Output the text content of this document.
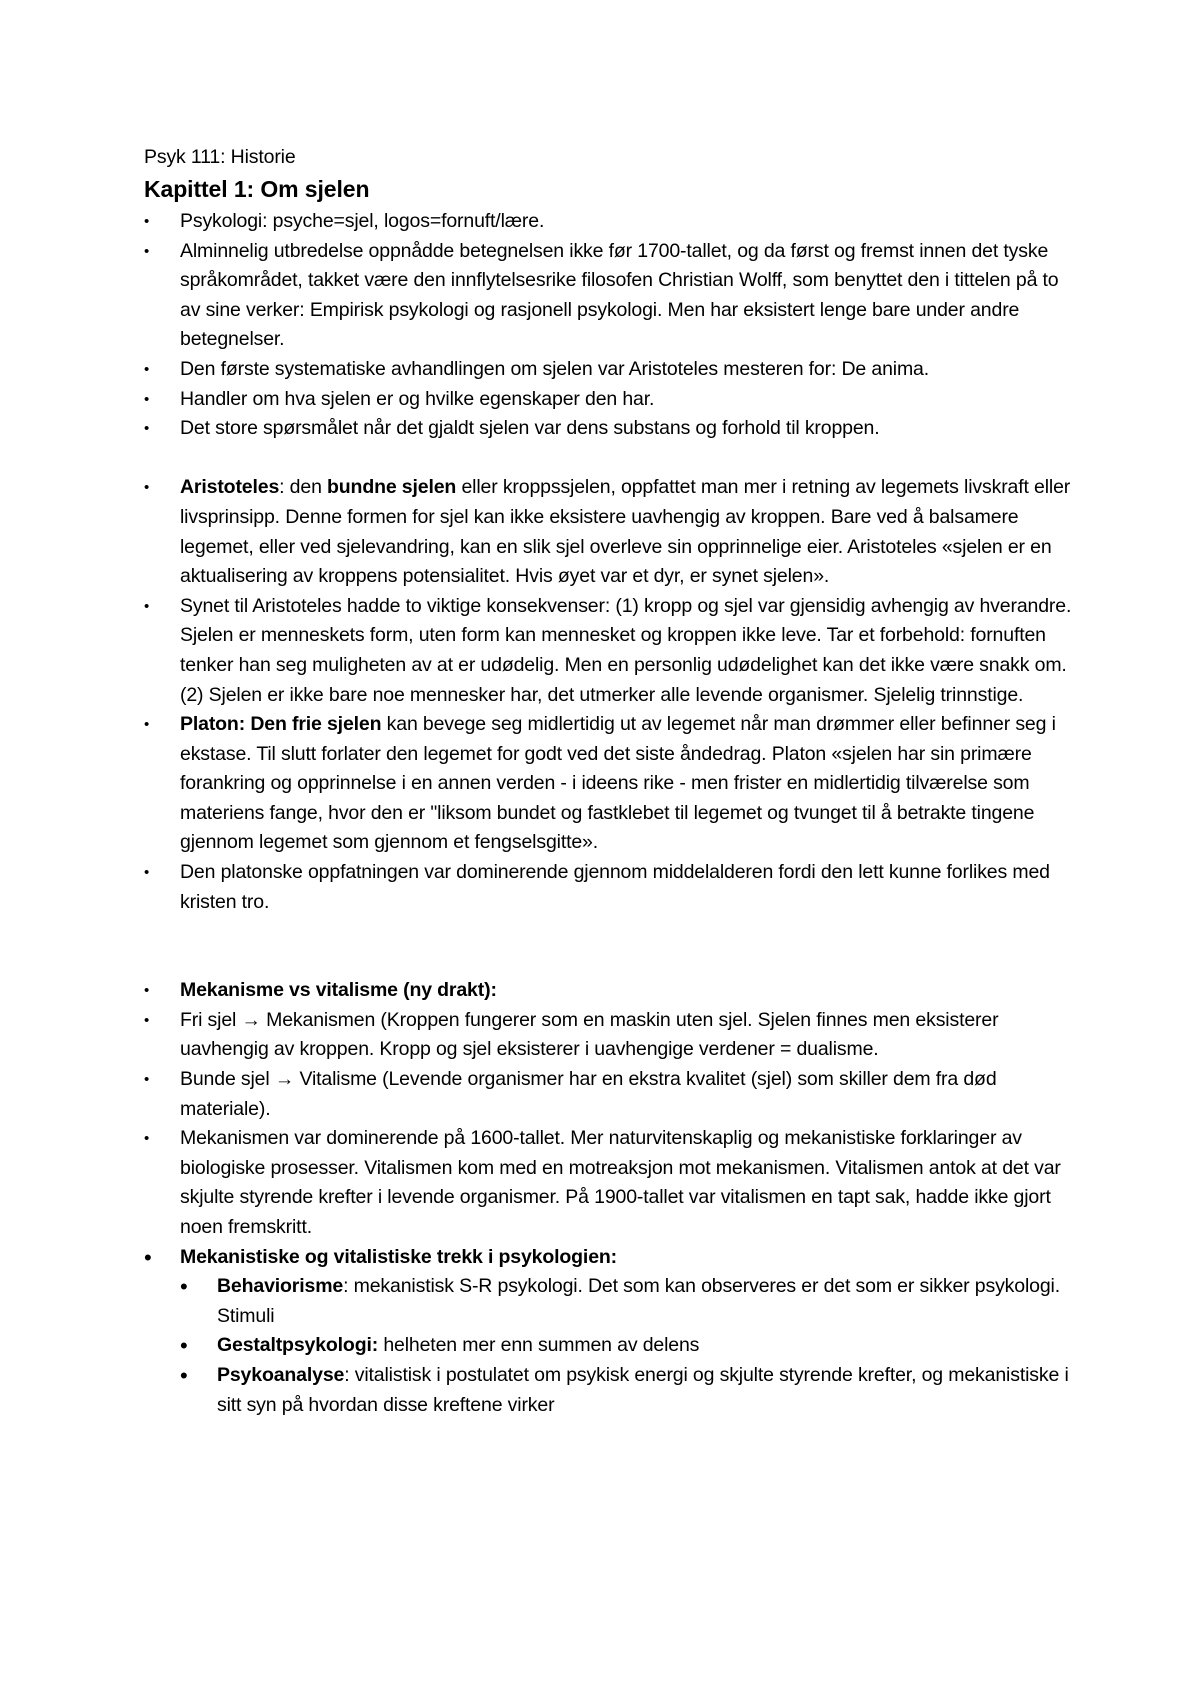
Psyk 111: Historie

Kapittel 1: Om sjelen
• Psykologi: psyche=sjel, logos=fornuft/lære.
• Alminnelig utbredelse oppnådde betegnelsen ikke før 1700-tallet, og da først og fremst innen det tyske språkområdet, takket være den innflytelsesrike filosofen Christian Wolff, som benyttet den i tittelen på to av sine verker: Empirisk psykologi og rasjonell psykologi. Men har eksistert lenge bare under andre betegnelser.
• Den første systematiske avhandlingen om sjelen var Aristoteles mesteren for: De anima.
• Handler om hva sjelen er og hvilke egenskaper den har.
• Det store spørsmålet når det gjaldt sjelen var dens substans og forhold til kroppen.
• Aristoteles: den bundne sjelen eller kroppssjelen, oppfattet man mer i retning av legemets livskraft eller livsprinsipp. Denne formen for sjel kan ikke eksistere uavhengig av kroppen. Bare ved å balsamere legemet, eller ved sjelevandring, kan en slik sjel overleve sin opprinnelige eier. Aristoteles «sjelen er en aktualisering av kroppens potensialitet. Hvis øyet var et dyr, er synet sjelen».
• Synet til Aristoteles hadde to viktige konsekvenser: (1) kropp og sjel var gjensidig avhengig av hverandre. Sjelen er menneskets form, uten form kan mennesket og kroppen ikke leve. Tar et forbehold: fornuften tenker han seg muligheten av at er udødelig. Men en personlig udødelighet kan det ikke være snakk om. (2) Sjelen er ikke bare noe mennesker har, det utmerker alle levende organismer. Sjelelig trinnstige.
• Platon: Den frie sjelen kan bevege seg midlertidig ut av legemet når man drømmer eller befinner seg i ekstase. Til slutt forlater den legemet for godt ved det siste åndedrag. Platon «sjelen har sin primære forankring og opprinnelse i en annen verden - i ideens rike - men frister en midlertidig tilværelse som materiens fange, hvor den er "liksom bundet og fastklebet til legemet og tvunget til å betrakte tingene gjennom legemet som gjennom et fengselsgitte».
• Den platonske oppfatningen var dominerende gjennom middelalderen fordi den lett kunne forlikes med kristen tro.
• Mekanisme vs vitalisme (ny drakt):
• Fri sjel → Mekanismen (Kroppen fungerer som en maskin uten sjel. Sjelen finnes men eksisterer uavhengig av kroppen. Kropp og sjel eksisterer i uavhengige verdener = dualisme.
• Bunde sjel → Vitalisme (Levende organismer har en ekstra kvalitet (sjel) som skiller dem fra død materiale).
• Mekanismen var dominerende på 1600-tallet. Mer naturvitenskaplig og mekanistiske forklaringer av biologiske prosesser. Vitalismen kom med en motreaksjon mot mekanismen. Vitalismen antok at det var skjulte styrende krefter i levende organismer. På 1900-tallet var vitalismen en tapt sak, hadde ikke gjort noen fremskritt.
• Mekanistiske og vitalistiske trekk i psykologien:
• Behaviorisme: mekanistisk S-R psykologi. Det som kan observeres er det som er sikker psykologi. Stimuli
• Gestaltpsykologi: helheten mer enn summen av delens
• Psykoanalyse: vitalistisk i postulatet om psykisk energi og skjulte styrende krefter, og mekanistiske i sitt syn på hvordan disse kreftene virker
